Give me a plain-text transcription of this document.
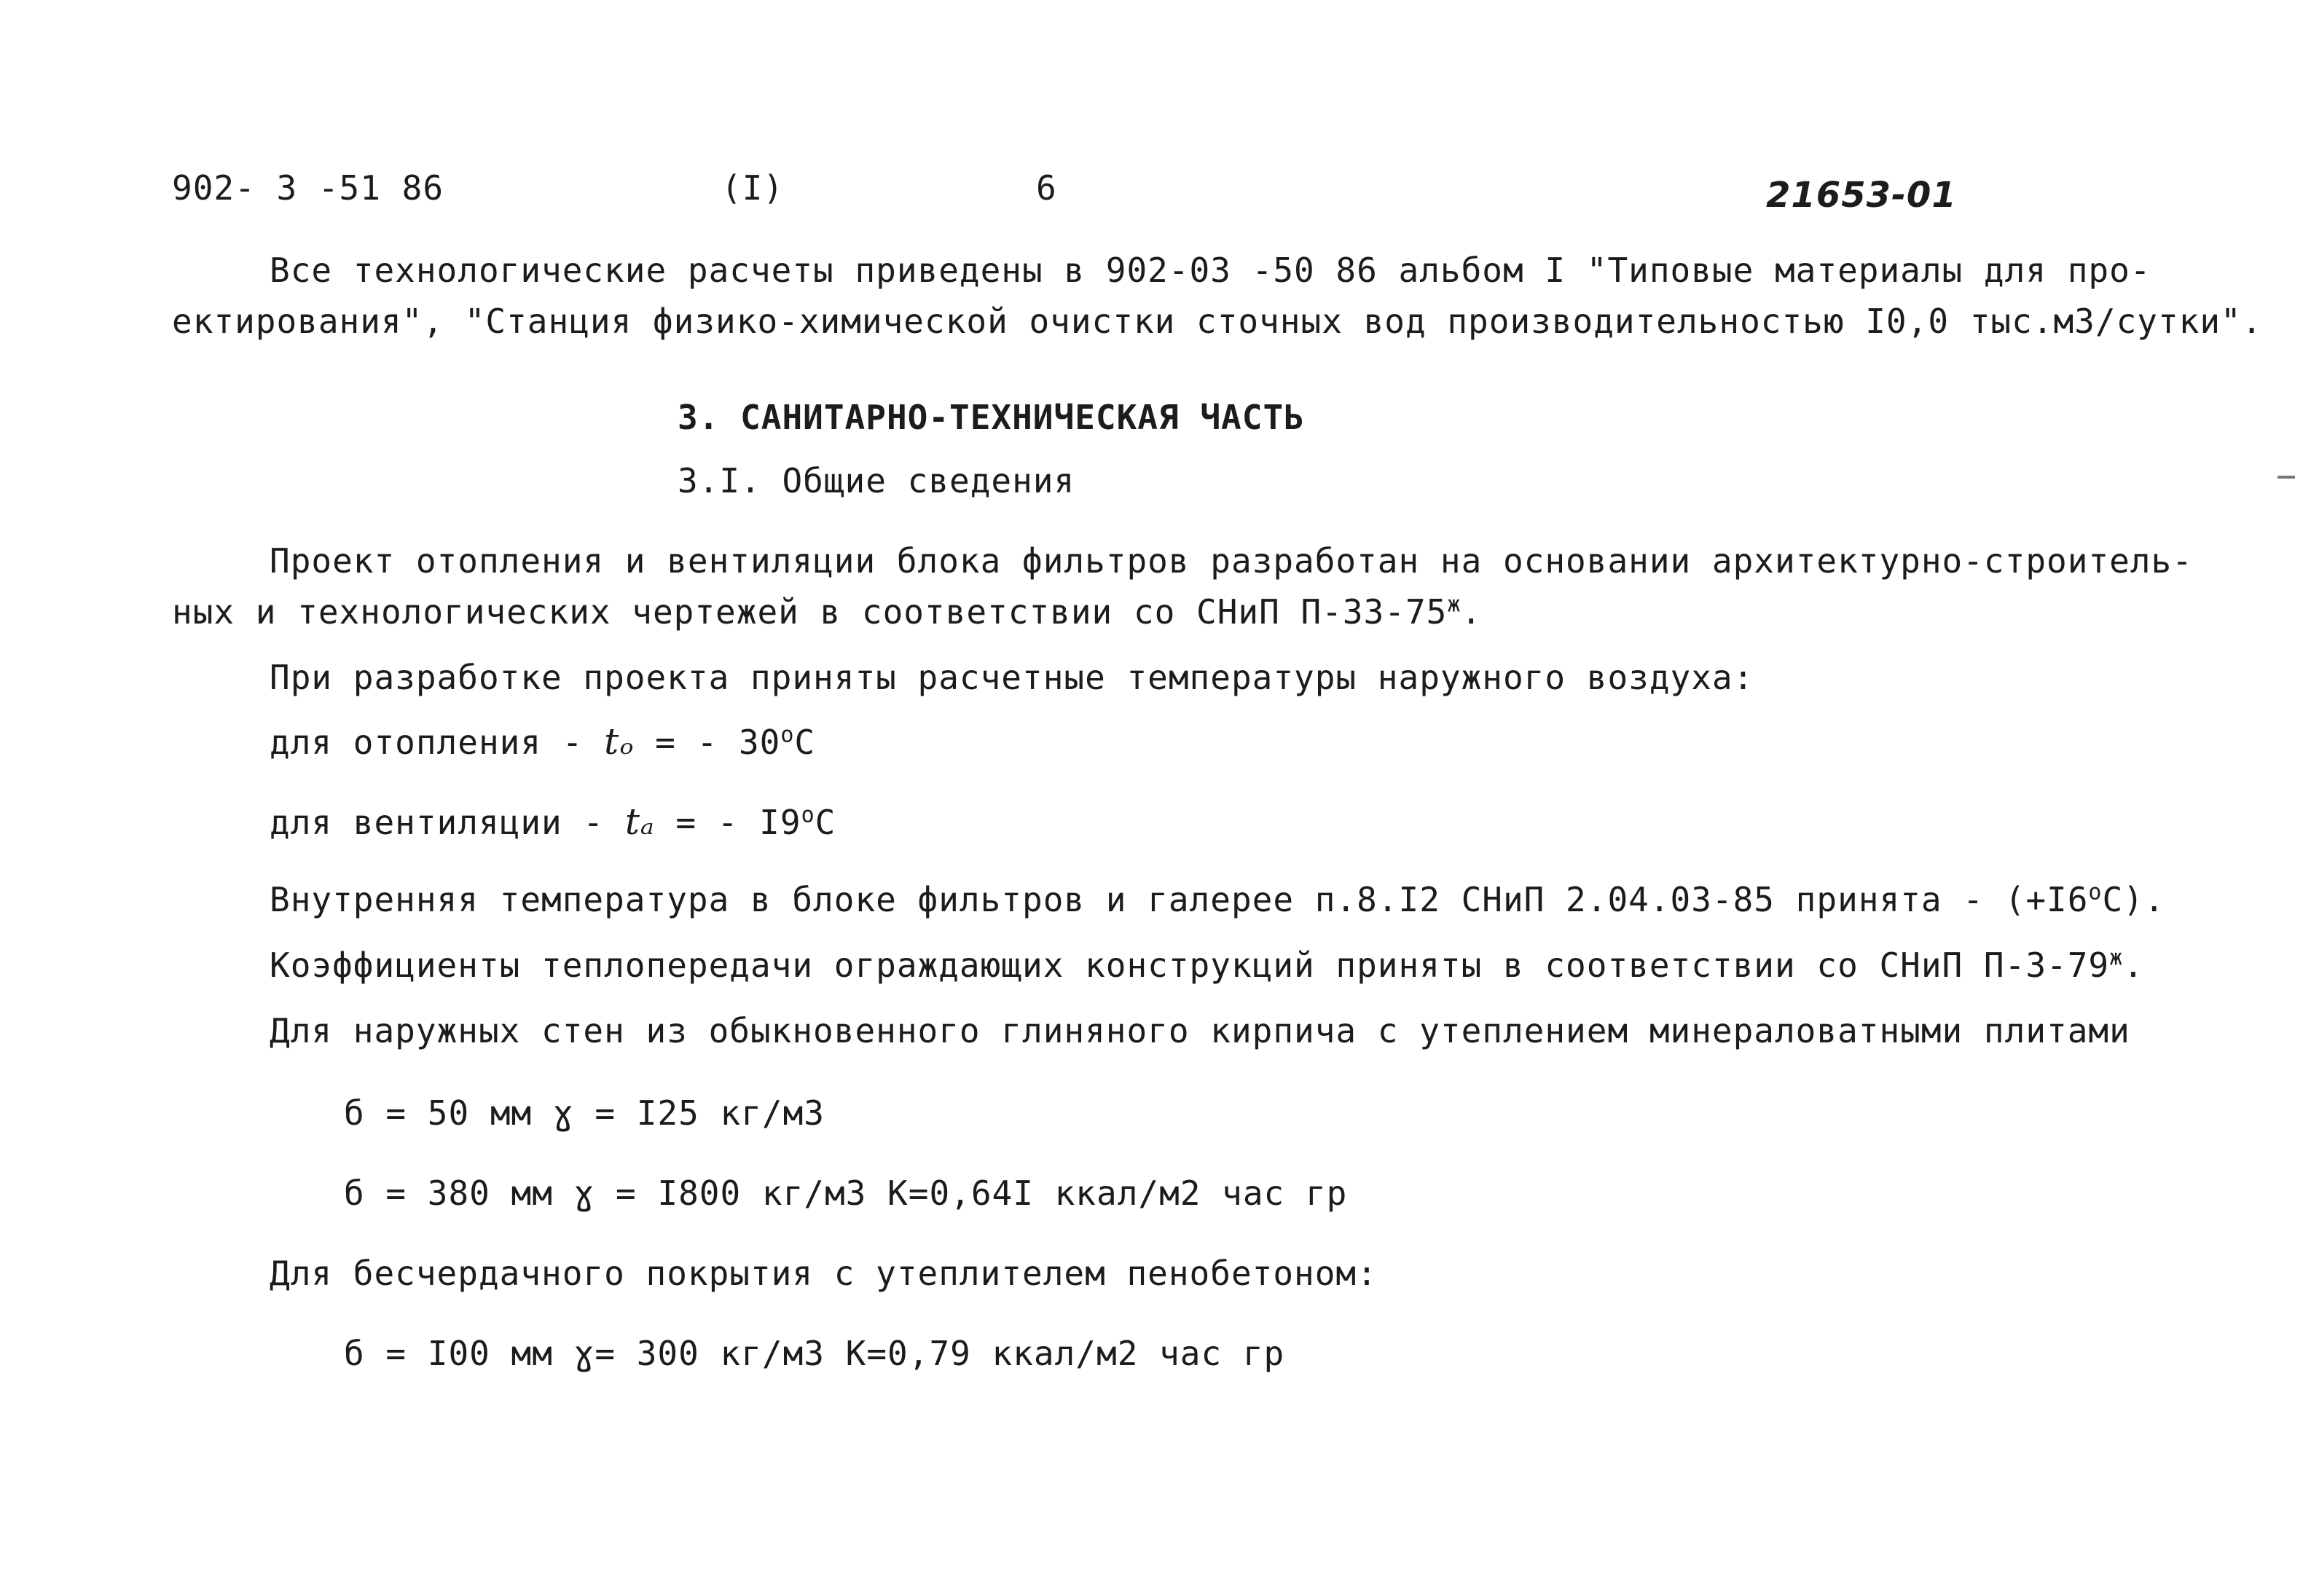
902- 3 -51 86	(I)	6	21653-01
Все технологические расчеты приведены в 902-03 -50 86 альбом I "Типовые материалы для про-
ектирования", "Станция физико-химической очистки сточных вод производительностью I0,0 тыс.м3/сутки".
3. САНИТАРНО-ТЕХНИЧЕСКАЯ ЧАСТЬ
3.I. Общие сведения
Проект отопления и вентиляции блока фильтров разработан на основании архитектурно-строитель-
ных и технологических чертежей в соответствии со СНиП $П-33-75^ж$.
При разработке проекта приняты расчетные температуры наружного воздуха:
для отопления - tₒ = - 30$^o$C
для вентиляции - tₐ = - I9$^o$C
Внутренняя температура в блоке фильтров и галерее п.8.I2 СНиП 2.04.03-85 принята - $(+I6^oC)$.
Коэффициенты теплопередачи ограждающих конструкций приняты в соответствии со СНиП $П-3-79^ж$.
Для наружных стен из обыкновенного глиняного кирпича с утеплением минераловатными плитами
б = 50 мм ɣ = I25 кг/м3
б = 380 мм ɣ = I800 кг/м3 К=0,64I ккал/м2 час гр
Для бесчердачного покрытия с утеплителем пенобетоном:
б = I00 мм ɣ= 300 кг/м3 К=0,79 ккал/м2 час гр
